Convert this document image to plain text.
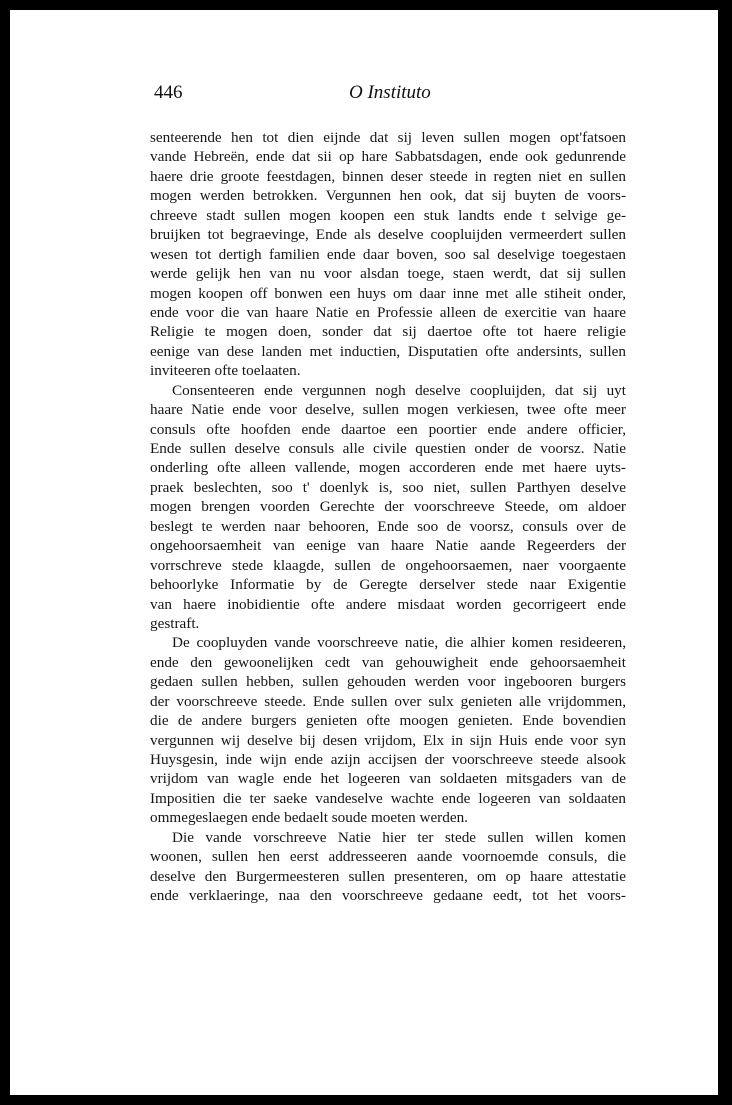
446	O Instituto
senteerende hen tot dien eijnde dat sij leven sullen mogen opt'fatsoen
vande Hebreën, ende dat sii op hare Sabbatsdagen, ende ook gedunrende
haere drie groote feestdagen, binnen deser steede in regten niet en sullen
mogen werden betrokken. Vergunnen hen ook, dat sij buyten de voors-
chreeve stadt sullen mogen koopen een stuk landts ende t selvige ge-
bruijken tot begraevinge, Ende als deselve coopluijden vermeerdert sullen
wesen tot dertigh familien ende daar boven, soo sal deselvige toegestaen
werde gelijk hen van nu voor alsdan toege, staen werdt, dat sij sullen
mogen koopen off bonwen een huys om daar inne met alle stiheit onder,
ende voor die van haare Natie en Professie alleen de exercitie van haare
Religie te mogen doen, sonder dat sij daertoe ofte tot haere religie
eenige van dese landen met inductien, Disputatien ofte andersints, sullen
inviteeren ofte toelaaten.
Consenteeren ende vergunnen nogh deselve coopluijden, dat sij uyt
haare Natie ende voor deselve, sullen mogen verkiesen, twee ofte meer
consuls ofte hoofden ende daartoe een poortier ende andere officier,
Ende sullen deselve consuls alle civile questien onder de voorsz. Natie
onderling ofte alleen vallende, mogen accorderen ende met haere uyts-
praek beslechten, soo t' doenlyk is, soo niet, sullen Parthyen deselve
mogen brengen voorden Gerechte der voorschreeve Steede, om aldoer
beslegt te werden naar behooren, Ende soo de voorsz, consuls over de
ongehoorsaemheit van eenige van haare Natie aande Regeerders der
vorrschreve stede klaagde, sullen de ongehoorsaemen, naer voorgaente
behoorlyke Informatie by de Geregte derselver stede naar Exigentie
van haere inobidientie ofte andere misdaat worden gecorrigeert ende
gestraft.
De coopluyden vande voorschreeve natie, die alhier komen resideeren,
ende den gewoonelijken cedt van gehouwigheit ende gehoorsaemheit
gedaen sullen hebben, sullen gehouden werden voor ingebooren burgers
der voorschreeve steede. Ende sullen over sulx genieten alle vrijdommen,
die de andere burgers genieten ofte moogen genieten. Ende bovendien
vergunnen wij deselve bij desen vrijdom, Elx in sijn Huis ende voor syn
Huysgesin, inde wijn ende azijn accijsen der voorschreeve steede alsook
vrijdom van wagle ende het logeeren van soldaeten mitsgaders van de
Impositien die ter saeke vandeselve wachte ende logeeren van soldaaten
ommegeslaegen ende bedaelt soude moeten werden.
Die vande vorschreeve Natie hier ter stede sullen willen komen
woonen, sullen hen eerst addresseeren aande voornoemde consuls, die
deselve den Burgermeesteren sullen presenteren, om op haare attestatie
ende verklaeringe, naa den voorschreeve gedaane eedt, tot het voors-
